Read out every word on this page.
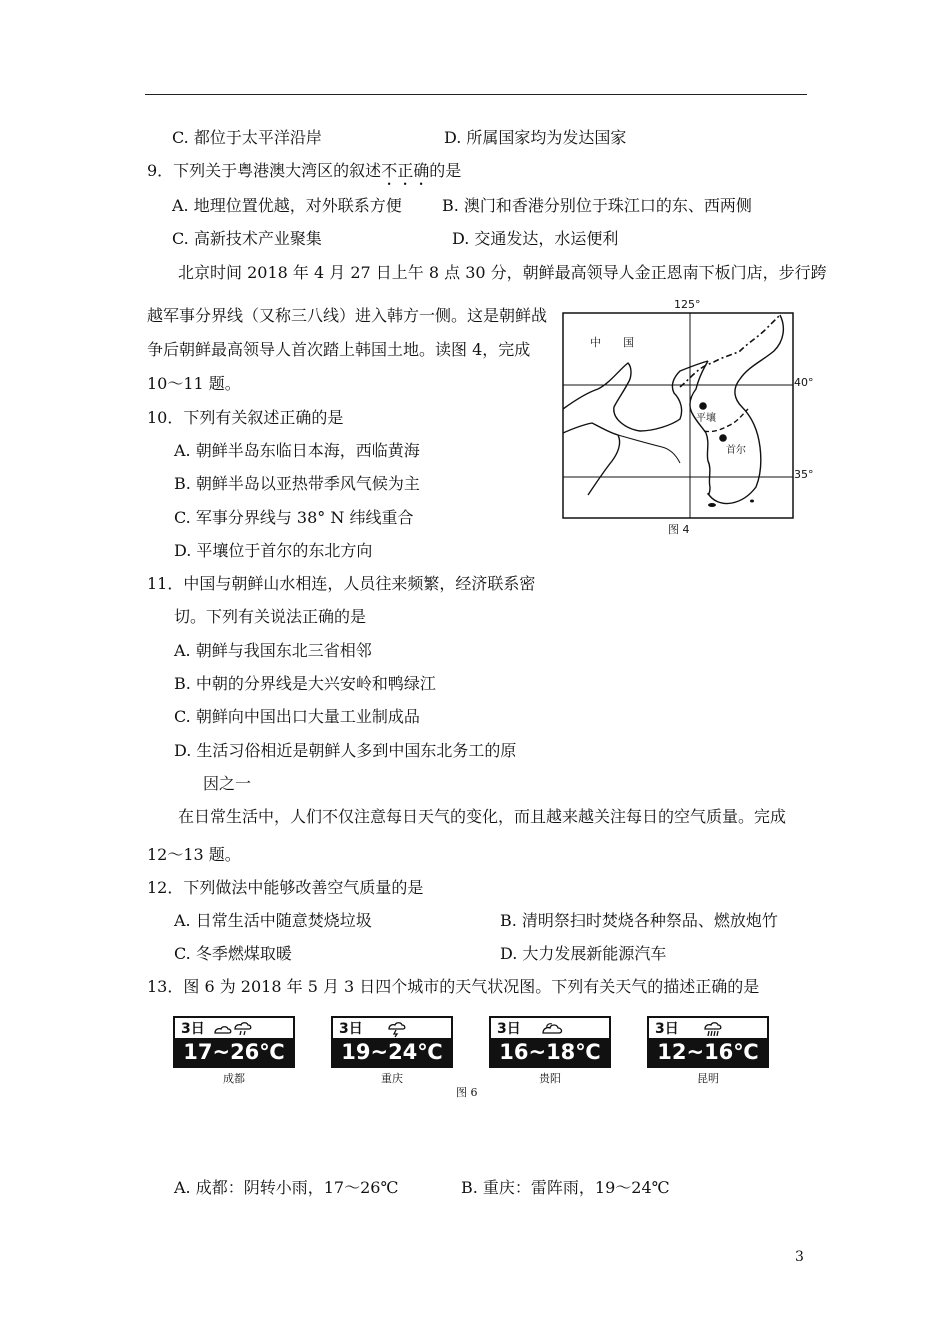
C. 都位于太平洋沿岸	D. 所属国家均为发达国家
9．下列关于粤港澳大湾区的叙述不正确的是
A. 地理位置优越，对外联系方便	B. 澳门和香港分别位于珠江口的东、西两侧
C. 高新技术产业聚集	D. 交通发达，水运便利
北京时间 2018 年 4 月 27 日上午 8 点 30 分，朝鲜最高领导人金正恩南下板门店，步行跨
越军事分界线（又称三八线）进入韩方一侧。这是朝鲜战
争后朝鲜最高领导人首次踏上韩国土地。读图 4，完成
10～11 题。
10．下列有关叙述正确的是
A. 朝鲜半岛东临日本海，西临黄海
B. 朝鲜半岛以亚热带季风气候为主
C. 军事分界线与 38° N 纬线重合
D. 平壤位于首尔的东北方向
125°
40°
35°
中　　国
平壤
首尔
图 4
11．中国与朝鲜山水相连，人员往来频繁，经济联系密
切。下列有关说法正确的是
A. 朝鲜与我国东北三省相邻
B. 中朝的分界线是大兴安岭和鸭绿江
C. 朝鲜向中国出口大量工业制成品
D. 生活习俗相近是朝鲜人多到中国东北务工的原
因之一
在日常生活中，人们不仅注意每日天气的变化，而且越来越关注每日的空气质量。完成
12～13 题。
12．下列做法中能够改善空气质量的是
A. 日常生活中随意焚烧垃圾	B. 清明祭扫时焚烧各种祭品、燃放炮竹
C. 冬季燃煤取暖	D. 大力发展新能源汽车
13．图 6 为 2018 年 5 月 3 日四个城市的天气状况图。下列有关天气的描述正确的是
3日
17~26℃
成都
3日
19~24℃
重庆
3日
16~18℃
贵阳
3日
12~16℃
昆明
图 6
A. 成都：阴转小雨，17～26℃	B. 重庆：雷阵雨，19～24℃
3
